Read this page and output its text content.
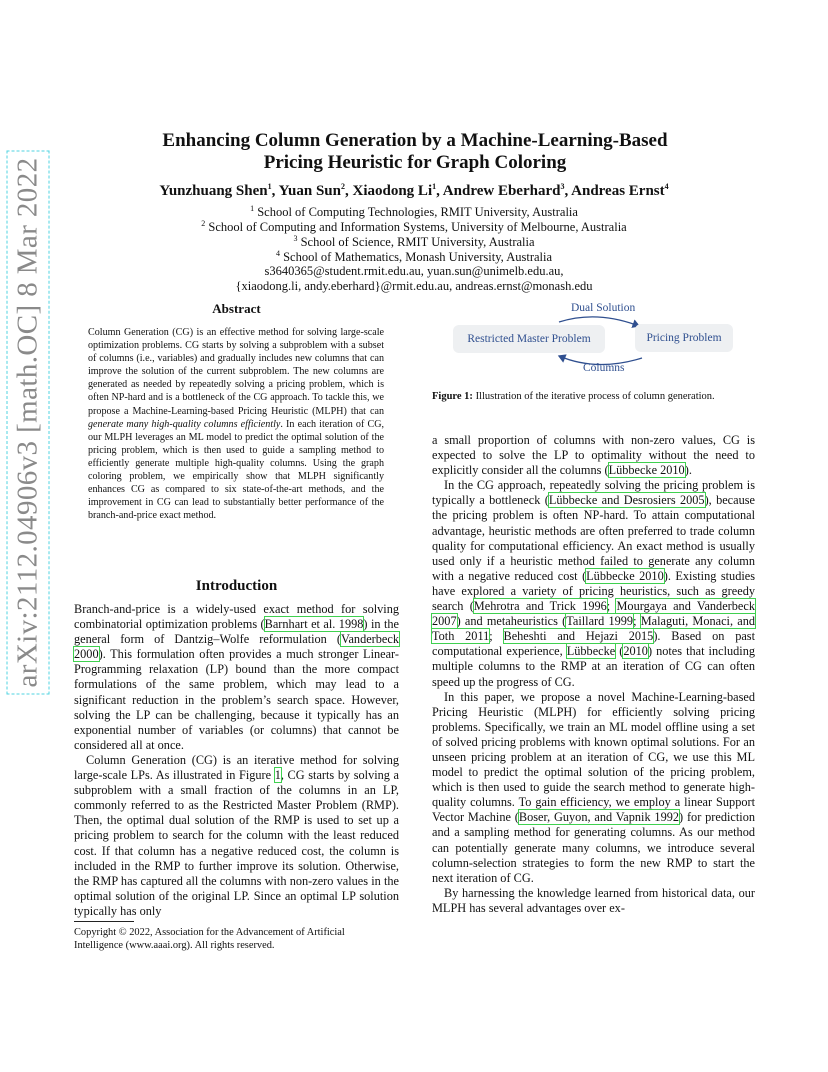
arXiv:2112.04906v3 [math.OC] 8 Mar 2022
Enhancing Column Generation by a Machine-Learning-Based
Pricing Heuristic for Graph Coloring
Yunzhuang Shen$^1$, Yuan Sun$^2$, Xiaodong Li$^1$, Andrew Eberhard$^3$, Andreas Ernst$^4$
$^1$ School of Computing Technologies, RMIT University, Australia
$^2$ School of Computing and Information Systems, University of Melbourne, Australia
$^3$ School of Science, RMIT University, Australia
$^4$ School of Mathematics, Monash University, Australia
s3640365@student.rmit.edu.au, yuan.sun@unimelb.edu.au,
{xiaodong.li, andy.eberhard}@rmit.edu.au, andreas.ernst@monash.edu
Abstract
Column Generation (CG) is an effective method for solving large-scale optimization problems. CG starts by solving a subproblem with a subset of columns (i.e., variables) and gradually includes new columns that can improve the solution of the current subproblem. The new columns are generated as needed by repeatedly solving a pricing problem, which is often NP-hard and is a bottleneck of the CG approach. To tackle this, we propose a Machine-Learning-based Pricing Heuristic (MLPH) that can generate many high-quality columns efficiently. In each iteration of CG, our MLPH leverages an ML model to predict the optimal solution of the pricing problem, which is then used to guide a sampling method to efficiently generate multiple high-quality columns. Using the graph coloring problem, we empirically show that MLPH significantly enhances CG as compared to six state-of-the-art methods, and the improvement in CG can lead to substantially better performance of the branch-and-price exact method.
Restricted Master Problem	Pricing Problem
Dual Solution
Columns
Figure 1: Illustration of the iterative process of column generation.
Introduction

Branch-and-price is a widely-used exact method for solving combinatorial optimization problems (Barnhart et al. 1998) in the general form of Dantzig–Wolfe reformulation (Vanderbeck 2000). This formulation often provides a much stronger Linear-Programming relaxation (LP) bound than the more compact formulations of the same problem, which may lead to a significant reduction in the problem’s search space. However, solving the LP can be challenging, because it typically has an exponential number of variables (or columns) that cannot be considered all at once.

Column Generation (CG) is an iterative method for solving large-scale LPs. As illustrated in Figure 1, CG starts by solving a subproblem with a small fraction of the columns in an LP, commonly referred to as the Restricted Master Problem (RMP). Then, the optimal dual solution of the RMP is used to set up a pricing problem to search for the column with the least reduced cost. If that column has a negative reduced cost, the column is included in the RMP to further improve its solution. Otherwise, the RMP has captured all the columns with non-zero values in the optimal solution of the original LP. Since an optimal LP solution typically has only

Copyright © 2022, Association for the Advancement of Artificial
Intelligence (www.aaai.org). All rights reserved.

a small proportion of columns with non-zero values, CG is expected to solve the LP to optimality without the need to explicitly consider all the columns (Lübbecke 2010).

In the CG approach, repeatedly solving the pricing problem is typically a bottleneck (Lübbecke and Desrosiers 2005), because the pricing problem is often NP-hard. To attain computational advantage, heuristic methods are often preferred to trade column quality for computational efficiency. An exact method is usually used only if a heuristic method failed to generate any column with a negative reduced cost (Lübbecke 2010). Existing studies have explored a variety of pricing heuristics, such as greedy search (Mehrotra and Trick 1996; Mourgaya and Vanderbeck 2007) and metaheuristics (Taillard 1999; Malaguti, Monaci, and Toth 2011; Beheshti and Hejazi 2015). Based on past computational experience, Lübbecke (2010) notes that including multiple columns to the RMP at an iteration of CG can often speed up the progress of CG.

In this paper, we propose a novel Machine-Learning-based Pricing Heuristic (MLPH) for efficiently solving pricing problems. Specifically, we train an ML model offline using a set of solved pricing problems with known optimal solutions. For an unseen pricing problem at an iteration of CG, we use this ML model to predict the optimal solution of the pricing problem, which is then used to guide the search method to generate high-quality columns. To gain efficiency, we employ a linear Support Vector Machine (Boser, Guyon, and Vapnik 1992) for prediction and a sampling method for generating columns. As our method can potentially generate many columns, we introduce several column-selection strategies to form the new RMP to start the next iteration of CG.

By harnessing the knowledge learned from historical data, our MLPH has several advantages over ex-
